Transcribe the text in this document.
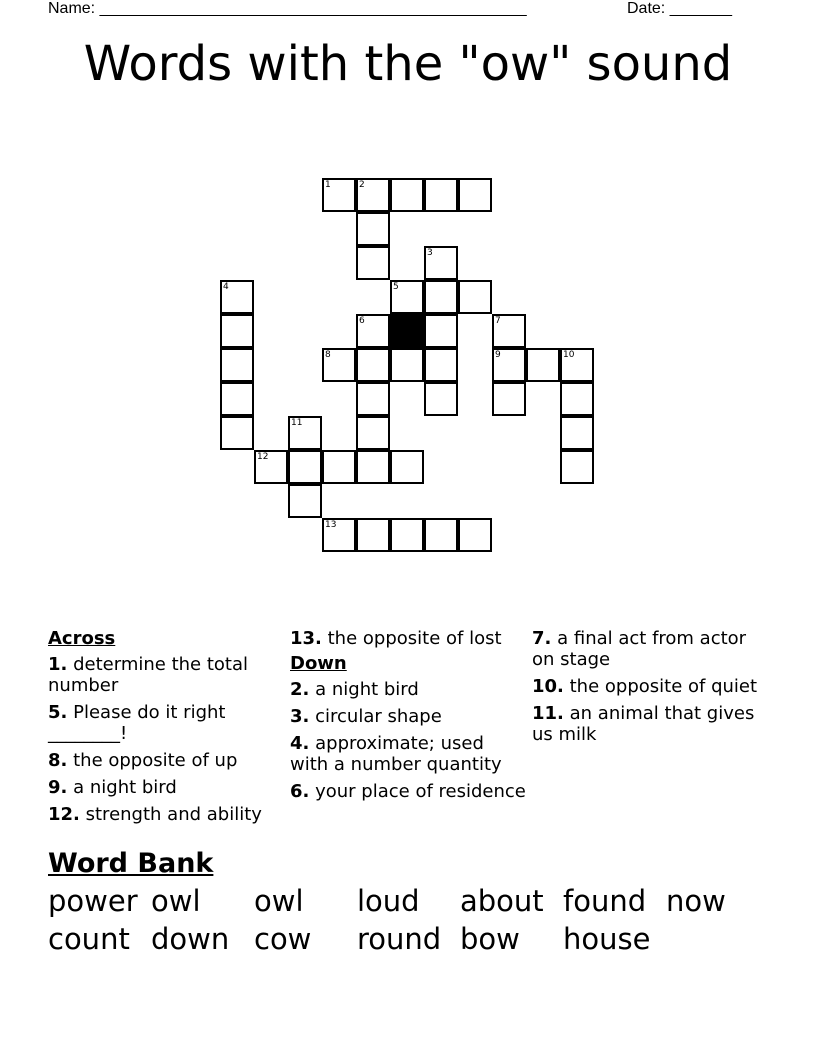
Name: ________________________________________________	Date: _______
Words with the "ow" sound
1	2
3
4	5
6	7
8	9	10
11
12
13
Across
1. determine the total number
5. Please do it right ________!
8. the opposite of up
9. a night bird
12. strength and ability
13. the opposite of lost
Down
2. a night bird
3. circular shape
4. approximate; used with a number quantity
6. your place of residence
7. a final act from actor on stage
10. the opposite of quiet
11. an animal that gives us milk
Word Bank
power owl owl loud about found now
count down cow round bow house
